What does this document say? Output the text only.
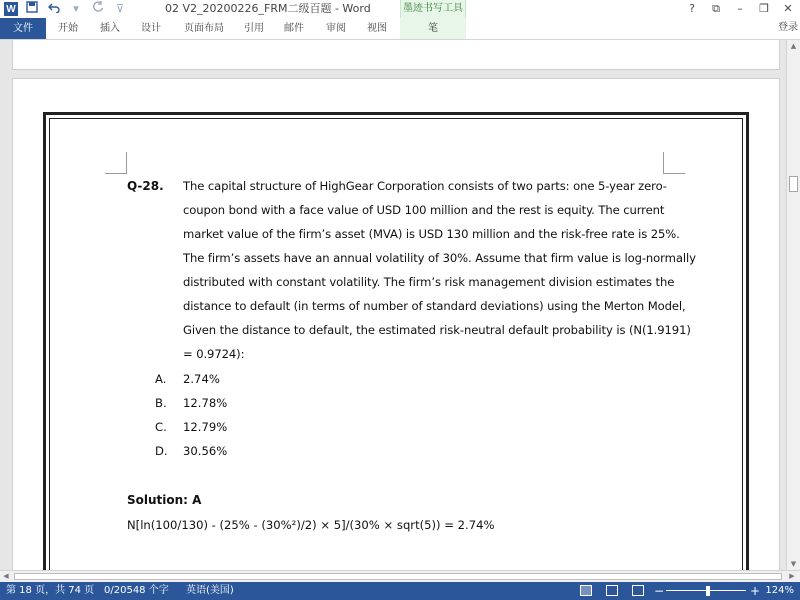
W	▾	⊽	02 V2_20200226_FRM二级百题 - Word	墨迹书写工具	?	⧉	–	❐	✕
文件	开始	插入	设计	页面布局	引用	邮件	审阅	视图	笔	登录
Q-28. The capital structure of HighGear Corporation consists of two parts: one 5-year zero-
coupon bond with a face value of USD 100 million and the rest is equity. The current
market value of the firm’s asset (MVA) is USD 130 million and the risk-free rate is 25%.
The firm’s assets have an annual volatility of 30%. Assume that firm value is log-normally
distributed with constant volatility. The firm’s risk management division estimates the
distance to default (in terms of number of standard deviations) using the Merton Model,
Given the distance to default, the estimated risk-neutral default probability is (N(1.9191)
= 0.9724):
A. 2.74%
B. 12.78%
C. 12.79%
D. 30.56%
Solution: A
N[ln(100/130) - (25% - (30%²)/2) × 5]/(30% × sqrt(5)) = 2.74%
▲
▼
◀	▶
第 18 页，共 74 页 0/20548 个字 英语(美国)	−	+ 124%
